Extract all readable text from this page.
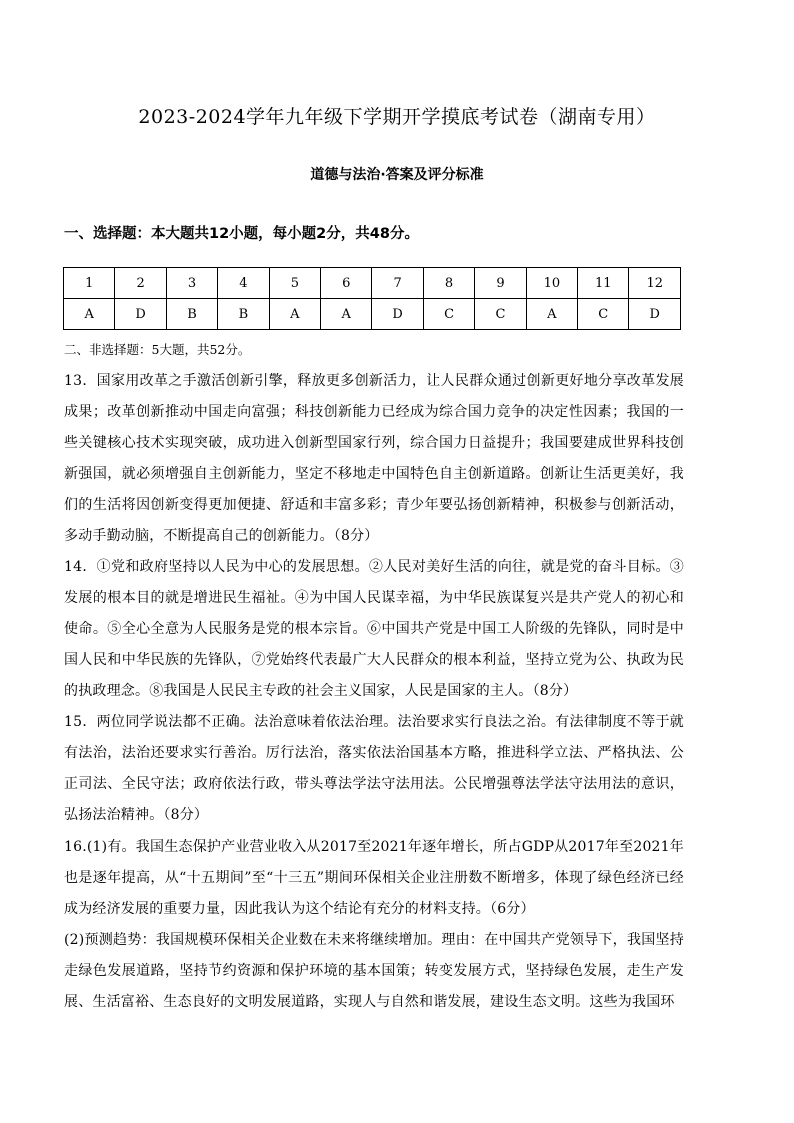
2023-2024学年九年级下学期开学摸底考试卷（湖南专用）
道德与法治·答案及评分标准
一、选择题：本大题共12小题，每小题2分，共48分。
1	2	3	4	5	6	7	8	9	10	11	12
A	D	B	B	A	A	D	C	C	A	C	D
二、非选择题：5大题，共52分。
13．国家用改革之手激活创新引擎，释放更多创新活力，让人民群众通过创新更好地分享改革发展成果；改革创新推动中国走向富强；科技创新能力已经成为综合国力竞争的决定性因素；我国的一些关键核心技术实现突破，成功进入创新型国家行列，综合国力日益提升；我国要建成世界科技创新强国，就必须增强自主创新能力，坚定不移地走中国特色自主创新道路。创新让生活更美好，我们的生活将因创新变得更加便捷、舒适和丰富多彩；青少年要弘扬创新精神，积极参与创新活动，多动手勤动脑，不断提高自己的创新能力。（8分）
14．①党和政府坚持以人民为中心的发展思想。②人民对美好生活的向往，就是党的奋斗目标。③发展的根本目的就是增进民生福祉。④为中国人民谋幸福，为中华民族谋复兴是共产党人的初心和使命。⑤全心全意为人民服务是党的根本宗旨。⑥中国共产党是中国工人阶级的先锋队，同时是中国人民和中华民族的先锋队，⑦党始终代表最广大人民群众的根本利益，坚持立党为公、执政为民的执政理念。⑧我国是人民民主专政的社会主义国家，人民是国家的主人。（8分）
15．两位同学说法都不正确。法治意味着依法治理。法治要求实行良法之治。有法律制度不等于就有法治，法治还要求实行善治。厉行法治，落实依法治国基本方略，推进科学立法、严格执法、公正司法、全民守法；政府依法行政，带头尊法学法守法用法。公民增强尊法学法守法用法的意识，弘扬法治精神。（8分）
16.(1)有。我国生态保护产业营业收入从2017至2021年逐年增长，所占GDP从2017年至2021年也是逐年提高，从“十五期间”至“十三五”期间环保相关企业注册数不断增多，体现了绿色经济已经成为经济发展的重要力量，因此我认为这个结论有充分的材料支持。（6分）
(2)预测趋势：我国规模环保相关企业数在未来将继续增加。理由：在中国共产党领导下，我国坚持走绿色发展道路，坚持节约资源和保护环境的基本国策；转变发展方式，坚持绿色发展，走生产发展、生活富裕、生态良好的文明发展道路，实现人与自然和谐发展，建设生态文明。这些为我国环
